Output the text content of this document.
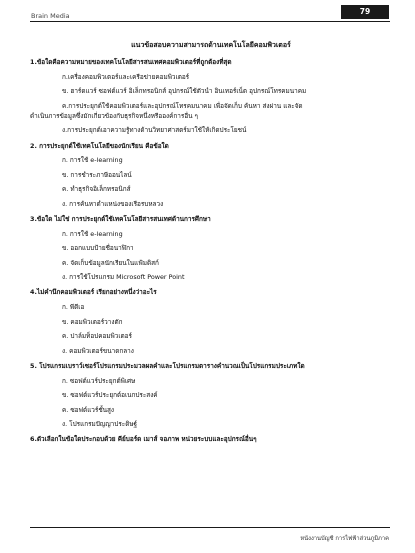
Brain Media	79
แนวข้อสอบความสามารถด้านเทคโนโลยีคอมพิวเตอร์
1.ข้อใดคือความหมายของเทคโนโลยีสารสนเทศคอมพิวเตอร์ที่ถูกต้องที่สุด
ก.เครื่องคอมพิวเตอร์และเครือข่ายคอมพิวเตอร์
ข. ฮาร์ดแวร์ ซอฟต์แวร์ อิเล็กทรอนิกส์ อุปกรณ์ใช้ตัวนำ อินเทอร์เน็ต อุปกรณ์โทรคมนาคม
ค.การประยุกต์ใช้คอมพิวเตอร์และอุปกรณ์โทรคมนาคม เพื่อจัดเก็บ ค้นหา ส่งผ่าน และจัด
ดำเนินการข้อมูลซึ่งมักเกี่ยวข้องกับธุรกิจหนึ่งหรือองค์การอื่น ๆ
ง.การประยุกต์เอาความรู้ทางด้านวิทยาศาสตร์มาใช้ให้เกิดประโยชน์
2. การประยุกต์ใช้เทคโนโลยีของนักเรียน คือข้อใด
ก. การใช้ e-learning
ข. การชำระภาษีออนไลน์
ค. ทำธุรกิจอิเล็กทรอนิกส์
ง. การค้นหาตำแหน่งของเรือรบหลวง
3.ข้อใด ไม่ใช่ การประยุกต์ใช้เทคโนโลยีสารสนเทศด้านการศึกษา
ก. การใช้ e-learning
ข. ออกแบบป้ายชื่อนาฬิกา
ค. จัดเก็บข้อมูลนักเรียนในแฟ้มดิสก์
ง. การใช้โปรแกรม Microsoft Power Point
4.ไม่คำนึกคอมพิวเตอร์ เรียกอย่างหนึ่งว่าอะไร
ก. พีดีเอ
ข. คอมพิวเตอร์วางตัก
ค. ปาล์มท็อปคอมพิวเตอร์
ง. คอมพิวเตอร์ขนาดกลาง
5. โปรแกรมเบราว์เซอร์โปรแกรมประมวลผลคำและโปรแกรมตารางคำนวณเป็นโปรแกรมประเภทใด
ก. ซอฟต์แวร์ประยุกต์พิเศษ
ข. ซอฟต์แวร์ประยุกต์อเนกประสงค์
ค. ซอฟต์แวร์ชั้นสูง
ง. โปรแกรมปัญญาประดิษฐ์
6.ตัวเลือกในข้อใดประกอบด้วย คีย์บอร์ด เมาส์ จอภาพ หน่วยระบบและอุปกรณ์อื่นๆ
หนังงานบัญชี การไฟฟ้าส่วนภูมิภาค
